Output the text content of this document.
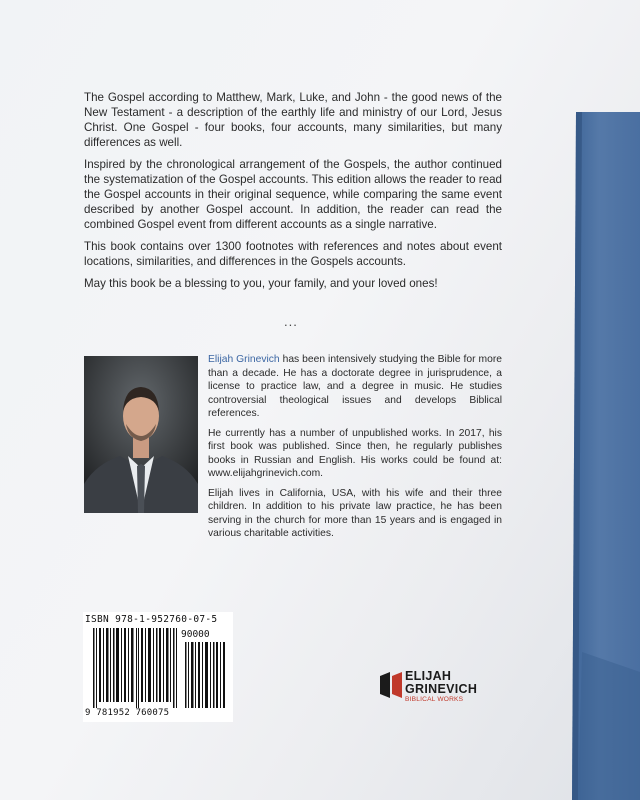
The Gospel according to Matthew, Mark, Luke, and John - the good news of the New Testament - a description of the earthly life and ministry of our Lord, Jesus Christ. One Gospel - four books, four accounts, many similarities, but many differences as well.

Inspired by the chronological arrangement of the Gospels, the author continued the systematization of the Gospel accounts. This edition allows the reader to read the Gospel accounts in their original sequence, while comparing the same event described by another Gospel account. In addition, the reader can read the combined Gospel event from different accounts as a single narrative.

This book contains over 1300 footnotes with references and notes about event locations, similarities, and differences in the Gospels accounts.

May this book be a blessing to you, your family, and your loved ones!

...

Elijah Grinevich has been intensively studying the Bible for more than a decade. He has a doctorate degree in jurisprudence, a license to practice law, and a degree in music. He studies controversial theological issues and develops Biblical references.

He currently has a number of unpublished works. In 2017, his first book was published. Since then, he regularly publishes books in Russian and English. His works could be found at: www.elijahgrinevich.com.

Elijah lives in California, USA, with his wife and their three children. In addition to his private law practice, he has been serving in the church for more than 15 years and is engaged in various charitable activities.

ISBN 978-1-952760-07-5
90000
9 781952 760075
ELIJAH
GRINEVICH
BIBLICAL WORKS
